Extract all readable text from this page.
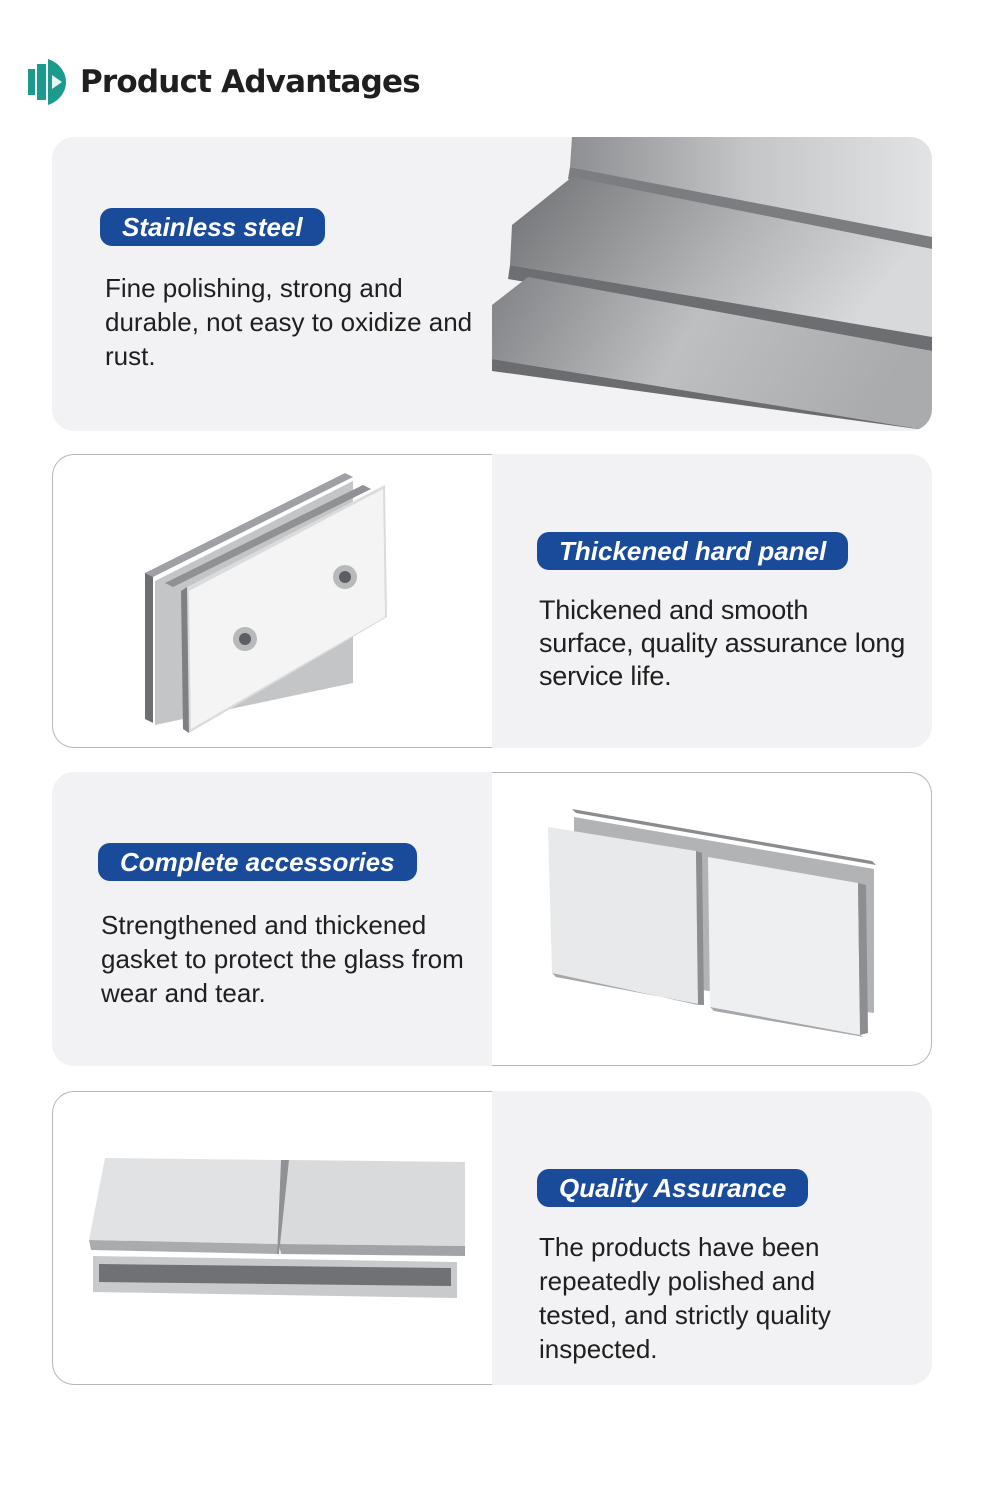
Product Advantages
Stainless steel
Fine polishing, strong and durable, not easy to oxidize and rust.
Thickened hard panel
Thickened and smooth surface, quality assurance long service life.
Complete accessories
Strengthened and thickened gasket to protect the glass from wear and tear.
Quality Assurance
The products have been repeatedly polished and tested, and strictly quality inspected.
